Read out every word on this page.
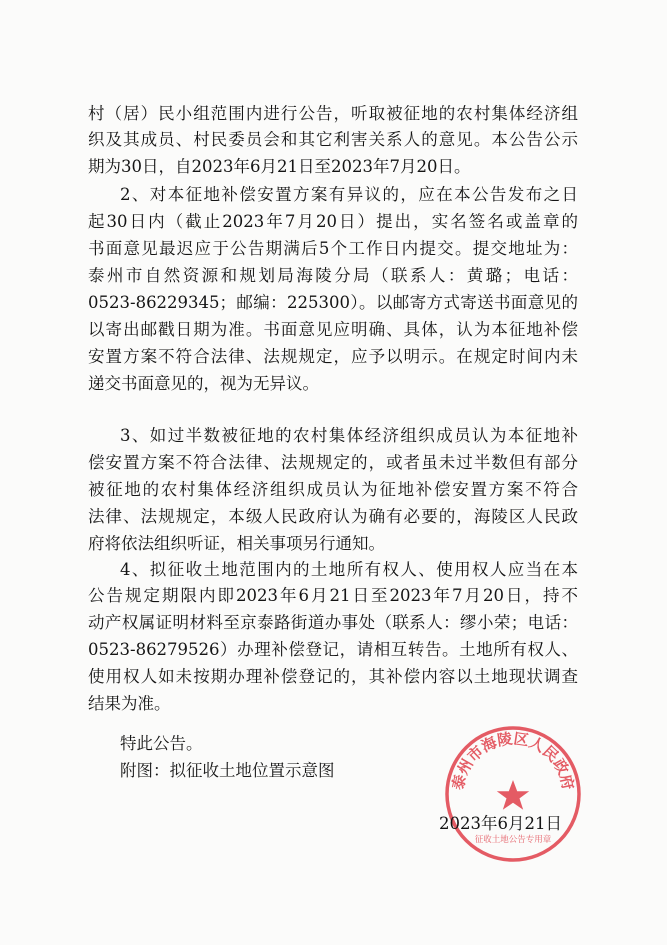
村（居）民小组范围内进行公告，听取被征地的农村集体经济组
织及其成员、村民委员会和其它利害关系人的意见。本公告公示
期为30日，自2023年6月21日至2023年7月20日。
2、对本征地补偿安置方案有异议的，应在本公告发布之日
起30日内（截止2023年7月20日）提出，实名签名或盖章的
书面意见最迟应于公告期满后5个工作日内提交。提交地址为：
泰州市自然资源和规划局海陵分局（联系人：黄璐；电话：
0523-86229345；邮编：225300）。以邮寄方式寄送书面意见的
以寄出邮戳日期为准。书面意见应明确、具体，认为本征地补偿
安置方案不符合法律、法规规定，应予以明示。在规定时间内未
递交书面意见的，视为无异议。
3、如过半数被征地的农村集体经济组织成员认为本征地补
偿安置方案不符合法律、法规规定的，或者虽未过半数但有部分
被征地的农村集体经济组织成员认为征地补偿安置方案不符合
法律、法规规定，本级人民政府认为确有必要的，海陵区人民政
府将依法组织听证，相关事项另行通知。
4、拟征收土地范围内的土地所有权人、使用权人应当在本
公告规定期限内即2023年6月21日至2023年7月20日，持不
动产权属证明材料至京泰路街道办事处（联系人：缪小荣；电话：
0523-86279526）办理补偿登记，请相互转告。土地所有权人、
使用权人如未按期办理补偿登记的，其补偿内容以土地现状调查
结果为准。
特此公告。
附图：拟征收土地位置示意图
泰州市海陵区人民政府
征收土地公告专用章
2023年6月21日
